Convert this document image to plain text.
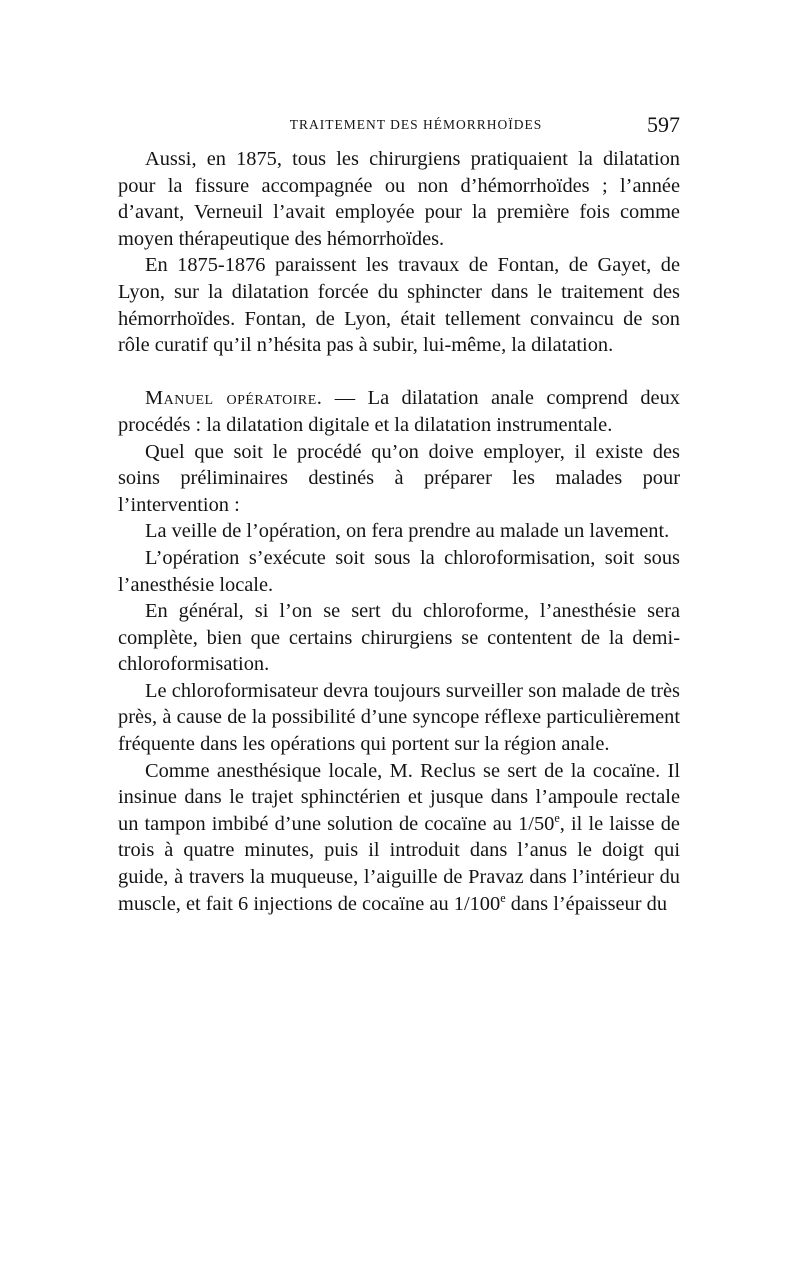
TRAITEMENT DES HÉMORRHOÏDES	597

Aussi, en 1875, tous les chirurgiens pratiquaient la dilatation pour la fissure accompagnée ou non d’hémorrhoïdes ; l’année d’avant, Verneuil l’avait employée pour la première fois comme moyen thérapeutique des hémorrhoïdes.

En 1875-1876 paraissent les travaux de Fontan, de Gayet, de Lyon, sur la dilatation forcée du sphincter dans le traitement des hémorrhoïdes. Fontan, de Lyon, était tellement convaincu de son rôle curatif qu’il n’hésita pas à subir, lui-même, la dilatation.

Manuel opératoire. — La dilatation anale comprend deux procédés : la dilatation digitale et la dilatation instrumentale.

Quel que soit le procédé qu’on doive employer, il existe des soins préliminaires destinés à préparer les malades pour l’intervention :

La veille de l’opération, on fera prendre au malade un lavement.

L’opération s’exécute soit sous la chloroformisation, soit sous l’anesthésie locale.

En général, si l’on se sert du chloroforme, l’anesthésie sera complète, bien que certains chirurgiens se contentent de la demi-chloroformisation.

Le chloroformisateur devra toujours surveiller son malade de très près, à cause de la possibilité d’une syncope réflexe particulièrement fréquente dans les opérations qui portent sur la région anale.

Comme anesthésique locale, M. Reclus se sert de la cocaïne. Il insinue dans le trajet sphinctérien et jusque dans l’ampoule rectale un tampon imbibé d’une solution de cocaïne au 1/50e, il le laisse de trois à quatre minutes, puis il introduit dans l’anus le doigt qui guide, à travers la muqueuse, l’aiguille de Pravaz dans l’intérieur du muscle, et fait 6 injections de cocaïne au 1/100e dans l’épaisseur du
